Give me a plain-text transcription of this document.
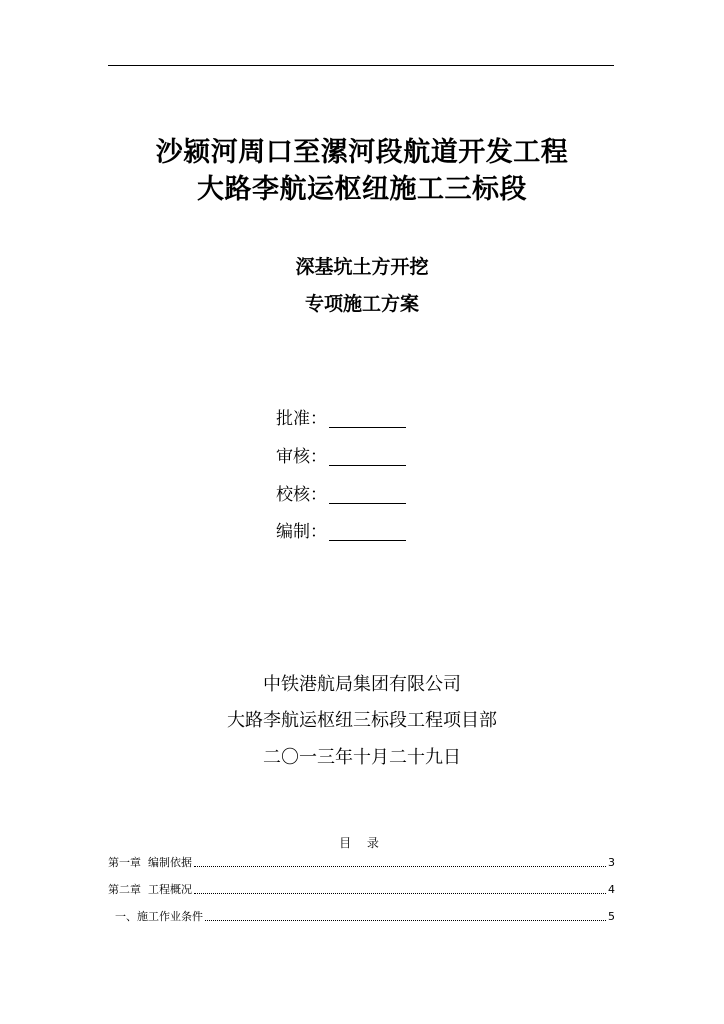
沙颍河周口至漯河段航道开发工程
大路李航运枢纽施工三标段
深基坑土方开挖
专项施工方案
批准：
审核：
校核：
编制：
中铁港航局集团有限公司
大路李航运枢纽三标段工程项目部
二〇一三年十月二十九日
目 录
第一章  编制依据	3
第二章  工程概况	4
一、施工作业条件	5
